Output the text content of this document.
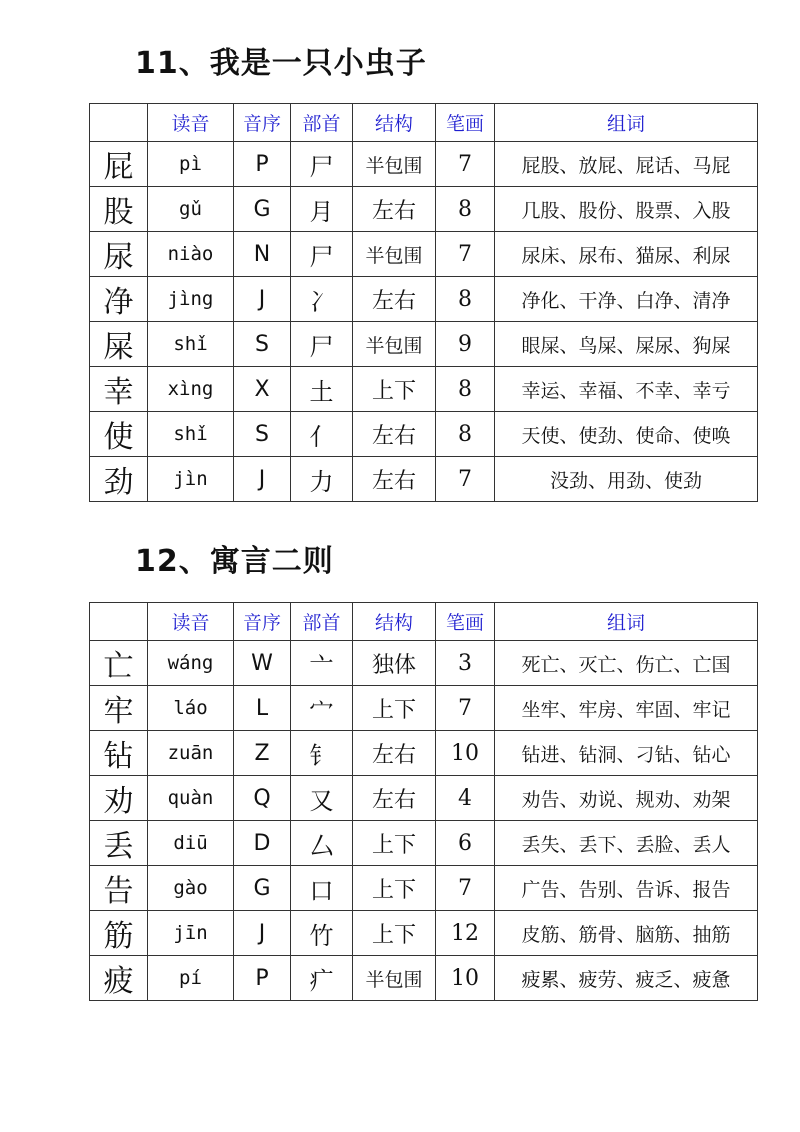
11、我是一只小虫子
	读音	音序	部首	结构	笔画	组词
屁	pì	P	尸	半包围	7	屁股、放屁、屁话、马屁
股	gǔ	G	月	左右	8	几股、股份、股票、入股
尿	niào	N	尸	半包围	7	尿床、尿布、猫尿、利尿
净	jìng	J	冫	左右	8	净化、干净、白净、清净
屎	shǐ	S	尸	半包围	9	眼屎、鸟屎、屎尿、狗屎
幸	xìng	X	土	上下	8	幸运、幸福、不幸、幸亏
使	shǐ	S	亻	左右	8	天使、使劲、使命、使唤
劲	jìn	J	力	左右	7	没劲、用劲、使劲
12、寓言二则
	读音	音序	部首	结构	笔画	组词
亡	wáng	W	亠	独体	3	死亡、灭亡、伤亡、亡国
牢	láo	L	宀	上下	7	坐牢、牢房、牢固、牢记
钻	zuān	Z	钅	左右	10	钻进、钻洞、刁钻、钻心
劝	quàn	Q	又	左右	4	劝告、劝说、规劝、劝架
丢	diū	D	厶	上下	6	丢失、丢下、丢脸、丢人
告	gào	G	口	上下	7	广告、告别、告诉、报告
筋	jīn	J	竹	上下	12	皮筋、筋骨、脑筋、抽筋
疲	pí	P	疒	半包围	10	疲累、疲劳、疲乏、疲惫
